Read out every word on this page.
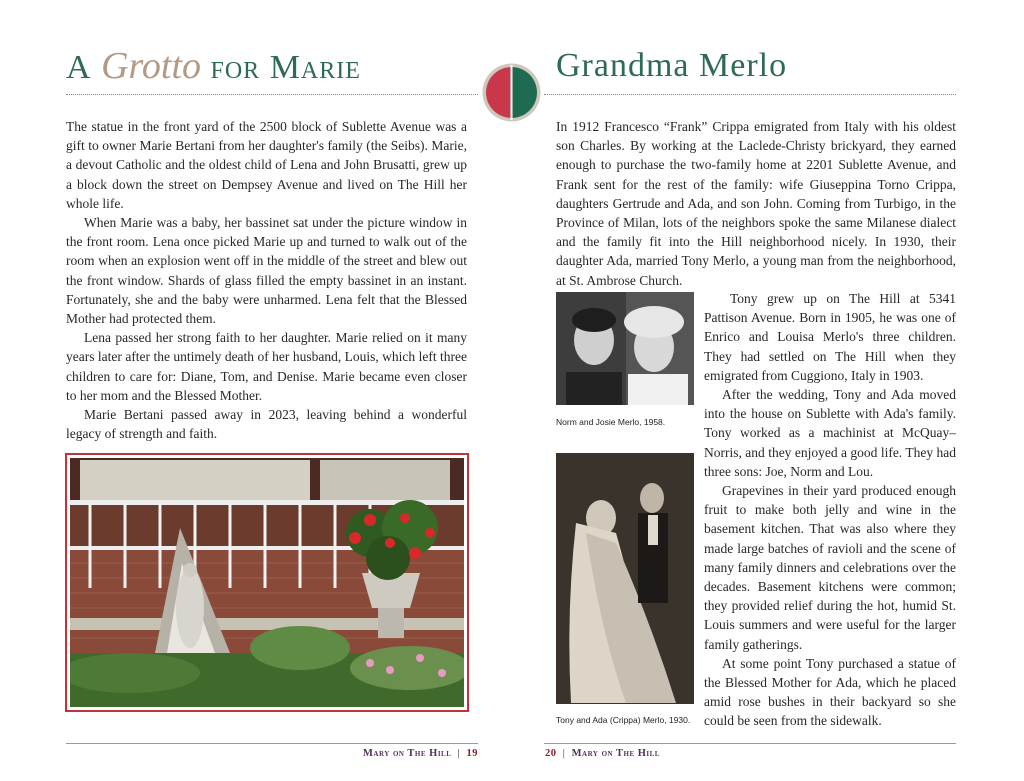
A Grotto for Marie

The statue in the front yard of the 2500 block of Sublette Avenue was a gift to owner Marie Bertani from her daughter's family (the Seibs). Marie, a devout Catholic and the oldest child of Lena and John Brusatti, grew up a block down the street on Dempsey Avenue and lived on The Hill her whole life.

When Marie was a baby, her bassinet sat under the picture window in the front room. Lena once picked Marie up and turned to walk out of the room when an explosion went off in the middle of the street and blew out the front window. Shards of glass filled the empty bassinet in an instant. Fortunately, she and the baby were unharmed. Lena felt that the Blessed Mother had protected them.

Lena passed her strong faith to her daughter. Marie relied on it many years later after the untimely death of her husband, Louis, which left three children to care for: Diane, Tom, and Denise. Marie became even closer to her mom and the Blessed Mother.

Marie Bertani passed away in 2023, leaving behind a wonderful legacy of strength and faith.

Grandma Merlo

In 1912 Francesco “Frank” Crippa emigrated from Italy with his oldest son Charles. By working at the Laclede-Christy brickyard, they earned enough to purchase the two-family home at 2201 Sublette Avenue, and Frank sent for the rest of the family: wife Giuseppina Torno Crippa, daughters Gertrude and Ada, and son John. Coming from Turbigo, in the Province of Milan, lots of the neighbors spoke the same Milanese dialect and the family fit into the Hill neighborhood nicely. In 1930, their daughter Ada, married Tony Merlo, a young man from the neighborhood, at St. Ambrose Church.

Norm and Josie Merlo, 1958.
Tony and Ada (Crippa) Merlo, 1930.

Tony grew up on The Hill at 5341 Pattison Avenue. Born in 1905, he was one of Enrico and Louisa Merlo's three children. They had settled on The Hill when they emigrated from Cuggiono, Italy in 1903.

After the wedding, Tony and Ada moved into the house on Sublette with Ada's family. Tony worked as a machinist at McQuay–Norris, and they enjoyed a good life. They had three sons: Joe, Norm and Lou.

Grapevines in their yard produced enough fruit to make both jelly and wine in the basement kitchen. That was also where they made large batches of ravioli and the scene of many family dinners and celebrations over the decades. Basement kitchens were common; they provided relief during the hot, humid St. Louis summers and were useful for the larger family gatherings.

At some point Tony purchased a statue of the Blessed Mother for Ada, which he placed amid rose bushes in their backyard so she could be seen from the sidewalk.

Mary on The Hill  |  19	20  |  Mary on The Hill
